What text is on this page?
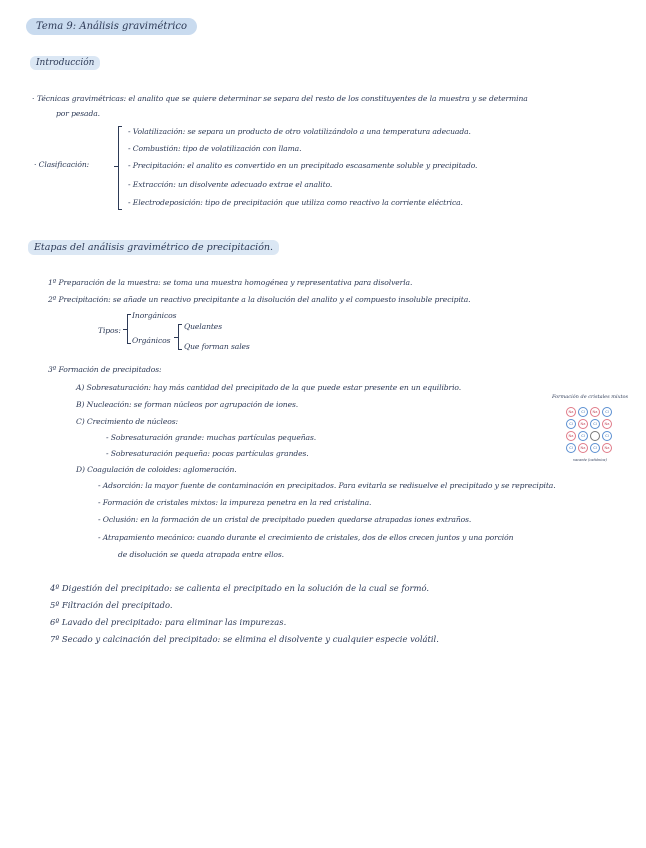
Tema 9: Análisis gravimétrico
Introducción
· Técnicas gravimétricas: el analito que se quiere determinar se separa del resto de los constituyentes de la muestra y se determina
por pesada.
· Clasificación:
- Volatilización: se separa un producto de otro volatilizándolo a una temperatura adecuada.
- Combustión: tipo de volatilización con llama.
- Precipitación: el analito es convertido en un precipitado escasamente soluble y precipitado.
- Extracción: un disolvente adecuado extrae el analito.
- Electrodeposición: tipo de precipitación que utiliza como reactivo la corriente eléctrica.
Etapas del análisis gravimétrico de precipitación.
1º Preparación de la muestra: se toma una muestra homogénea y representativa para disolverla.
2º Precipitación: se añade un reactivo precipitante a la disolución del analito y el compuesto insoluble precipita.
Tipos:
Inorgánicos
Orgánicos
Quelantes
Que forman sales
3º Formación de precipitados:
A) Sobresaturación: hay más cantidad del precipitado de la que puede estar presente en un equilibrio.
B) Nucleación: se forman núcleos por agrupación de iones.
C) Crecimiento de núcleos:
- Sobresaturación grande: muchas partículas pequeñas.
- Sobresaturación pequeña: pocas partículas grandes.
D) Coagulación de coloides: aglomeración.
- Adsorción: la mayor fuente de contaminación en precipitados. Para evitarla se redisuelve el precipitado y se reprecipita.
- Formación de cristales mixtos: la impureza penetra en la red cristalina.
- Oclusión: en la formación de un cristal de precipitado pueden quedarse atrapadas iones extraños.
- Atrapamiento mecánico: cuando durante el crecimiento de cristales, dos de ellos crecen juntos y una porción
de disolución se queda atrapada entre ellos.
Formación de cristales mixtos
Na	Cl	Na	Cl
Cl	Na	Cl	Na
Na	Cl	Cl
Cl	Na	Cl	Na
vacante (catiónica)
4º Digestión del precipitado: se calienta el precipitado en la solución de la cual se formó.
5º Filtración del precipitado.
6º Lavado del precipitado: para eliminar las impurezas.
7º Secado y calcinación del precipitado: se elimina el disolvente y cualquier especie volátil.
